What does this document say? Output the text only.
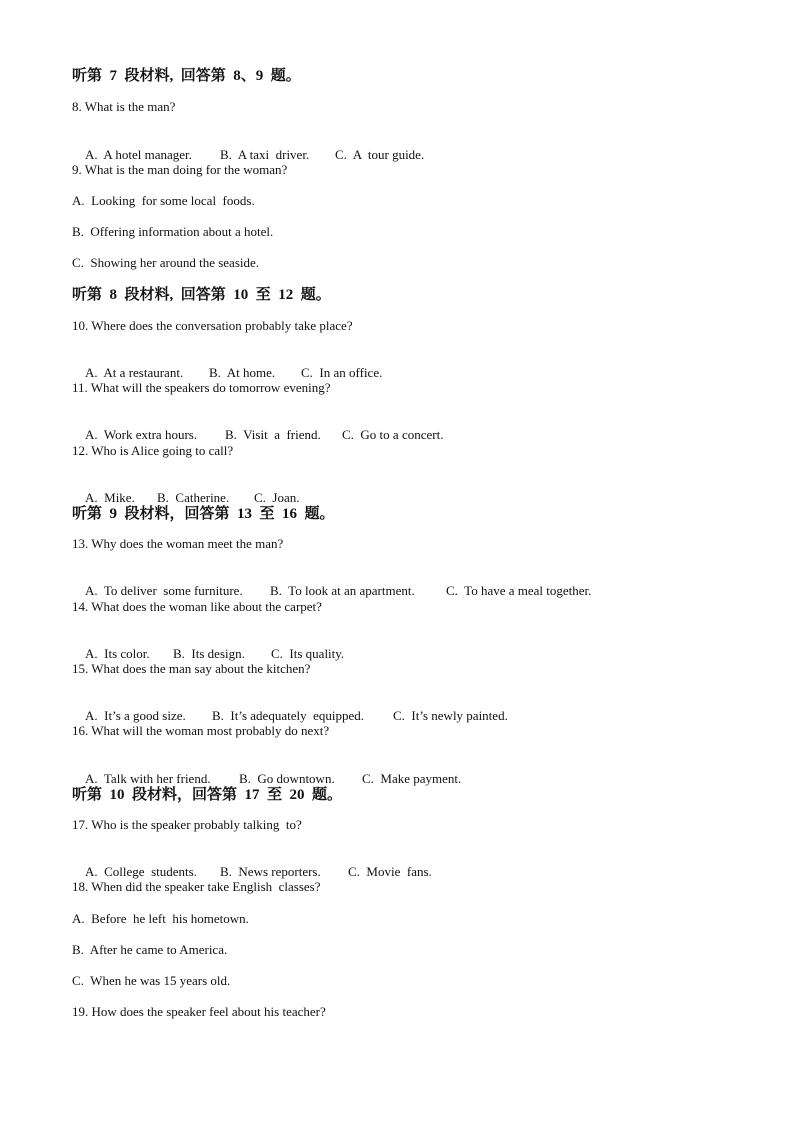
听第  7  段材料,  回答第  8、9  题。
8. What is the man?

A.  A hotel manager. B.  A taxi  driver. C.  A  tour guide.

9. What is the man doing for the woman?
A.  Looking  for some local  foods.
B.  Offering information about a hotel.
C.  Showing her around the seaside.
听第  8  段材料,  回答第  10  至  12  题。
10. Where does the conversation probably take place?

A.  At a restaurant. B.  At home. C.  In an office.

11. What will the speakers do tomorrow evening?

A.  Work extra hours. B.  Visit  a  friend. C.  Go to a concert.

12. Who is Alice going to call?

A.  Mike. B.  Catherine. C.  Joan.

听第  9  段材料，回答第  13  至  16  题。
13. Why does the woman meet the man?

A.  To deliver  some furniture. B.  To look at an apartment. C.  To have a meal together.

14. What does the woman like about the carpet?

A.  Its color. B.  Its design. C.  Its quality.

15. What does the man say about the kitchen?

A.  It’s a good size. B.  It’s adequately  equipped. C.  It’s newly painted.

16. What will the woman most probably do next?

A.  Talk with her friend. B.  Go downtown. C.  Make payment.

听第  10  段材料，回答第  17  至  20  题。
17. Who is the speaker probably talking  to?

A.  College  students. B.  News reporters. C.  Movie  fans.

18. When did the speaker take English  classes?
A.  Before  he left  his hometown.
B.  After he came to America.
C.  When he was 15 years old.
19. How does the speaker feel about his teacher?
